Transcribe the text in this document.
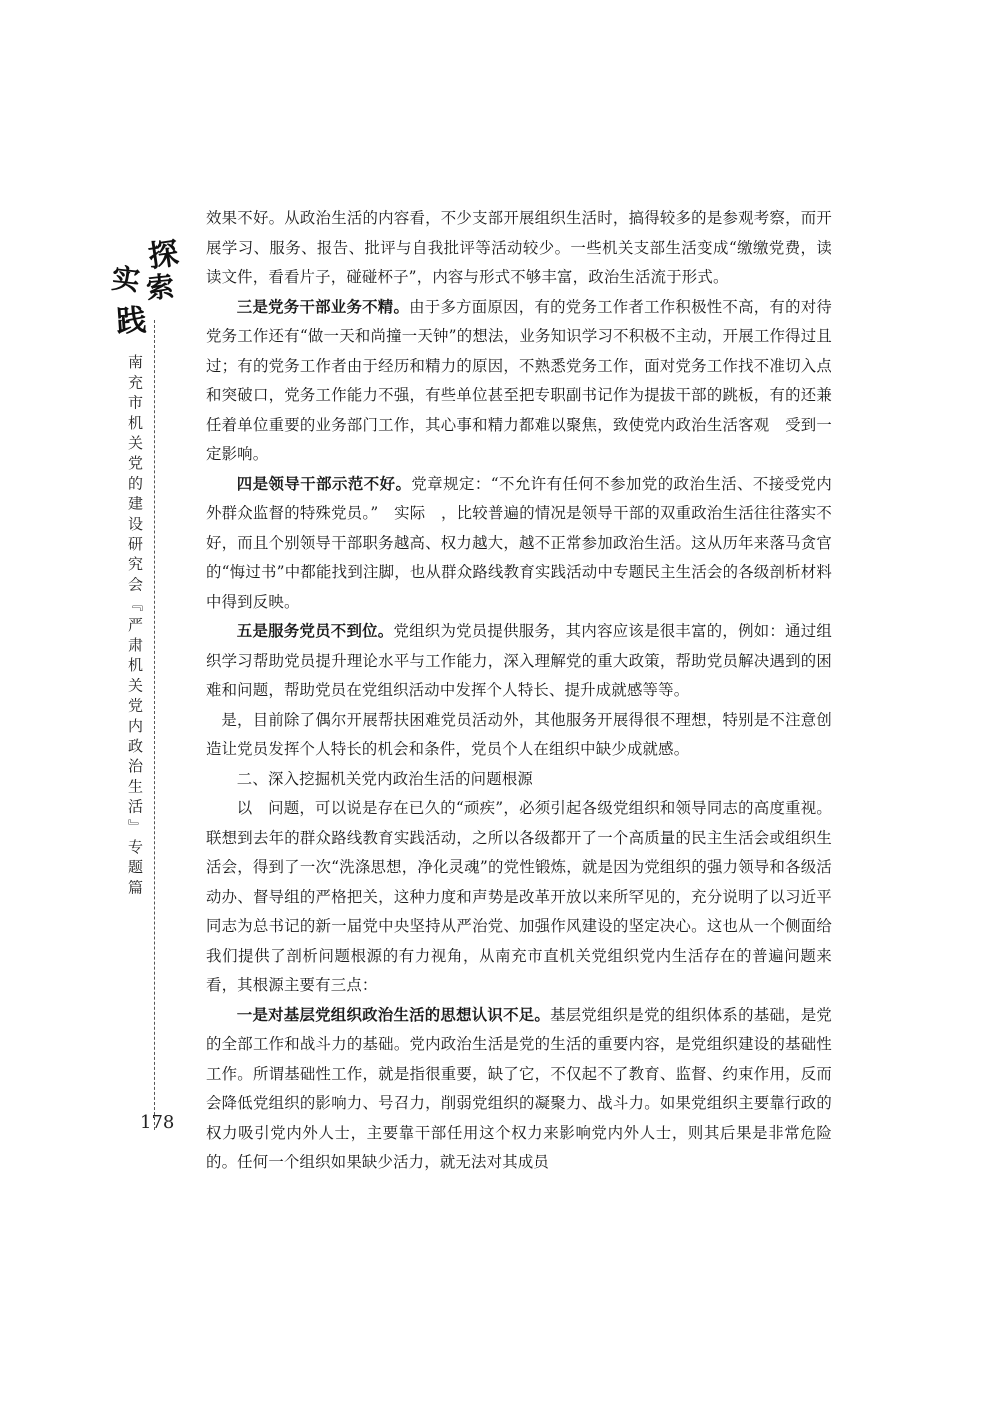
探
索
实
践
南充市机关党的建设研究会『严肃机关党内政治生活』专题篇
178

效果不好。从政治生活的内容看，不少支部开展组织生活时，搞得较多的是参观考察，而开展学习、服务、报告、批评与自我批评等活动较少。一些机关支部生活变成“缴缴党费，读读文件，看看片子，碰碰杯子”，内容与形式不够丰富，政治生活流于形式。

三是党务干部业务不精。由于多方面原因，有的党务工作者工作积极性不高，有的对待党务工作还有“做一天和尚撞一天钟”的想法，业务知识学习不积极不主动，开展工作得过且过；有的党务工作者由于经历和精力的原因，不熟悉党务工作，面对党务工作找不准切入点和突破口，党务工作能力不强，有些单位甚至把专职副书记作为提拔干部的跳板，有的还兼任着单位重要的业务部门工作，其心事和精力都难以聚焦，致使党内政治生活客观　受到一定影响。

四是领导干部示范不好。党章规定：“不允许有任何不参加党的政治生活、不接受党内外群众监督的特殊党员。”　实际　，比较普遍的情况是领导干部的双重政治生活往往落实不好，而且个别领导干部职务越高、权力越大，越不正常参加政治生活。这从历年来落马贪官的“悔过书”中都能找到注脚，也从群众路线教育实践活动中专题民主生活会的各级剖析材料中得到反映。

五是服务党员不到位。党组织为党员提供服务，其内容应该是很丰富的，例如：通过组织学习帮助党员提升理论水平与工作能力，深入理解党的重大政策，帮助党员解决遇到的困难和问题，帮助党员在党组织活动中发挥个人特长、提升成就感等等。

是，目前除了偶尔开展帮扶困难党员活动外，其他服务开展得很不理想，特别是不注意创造让党员发挥个人特长的机会和条件，党员个人在组织中缺少成就感。

二、深入挖掘机关党内政治生活的问题根源

以　问题，可以说是存在已久的“顽疾”，必须引起各级党组织和领导同志的高度重视。联想到去年的群众路线教育实践活动，之所以各级都开了一个高质量的民主生活会或组织生活会，得到了一次“洗涤思想，净化灵魂”的党性锻炼，就是因为党组织的强力领导和各级活动办、督导组的严格把关，这种力度和声势是改革开放以来所罕见的，充分说明了以习近平同志为总书记的新一届党中央坚持从严治党、加强作风建设的坚定决心。这也从一个侧面给我们提供了剖析问题根源的有力视角，从南充市直机关党组织党内生活存在的普遍问题来看，其根源主要有三点：

一是对基层党组织政治生活的思想认识不足。基层党组织是党的组织体系的基础，是党的全部工作和战斗力的基础。党内政治生活是党的生活的重要内容，是党组织建设的基础性工作。所谓基础性工作，就是指很重要，缺了它，不仅起不了教育、监督、约束作用，反而会降低党组织的影响力、号召力，削弱党组织的凝聚力、战斗力。如果党组织主要靠行政的权力吸引党内外人士，主要靠干部任用这个权力来影响党内外人士，则其后果是非常危险的。任何一个组织如果缺少活力，就无法对其成员
